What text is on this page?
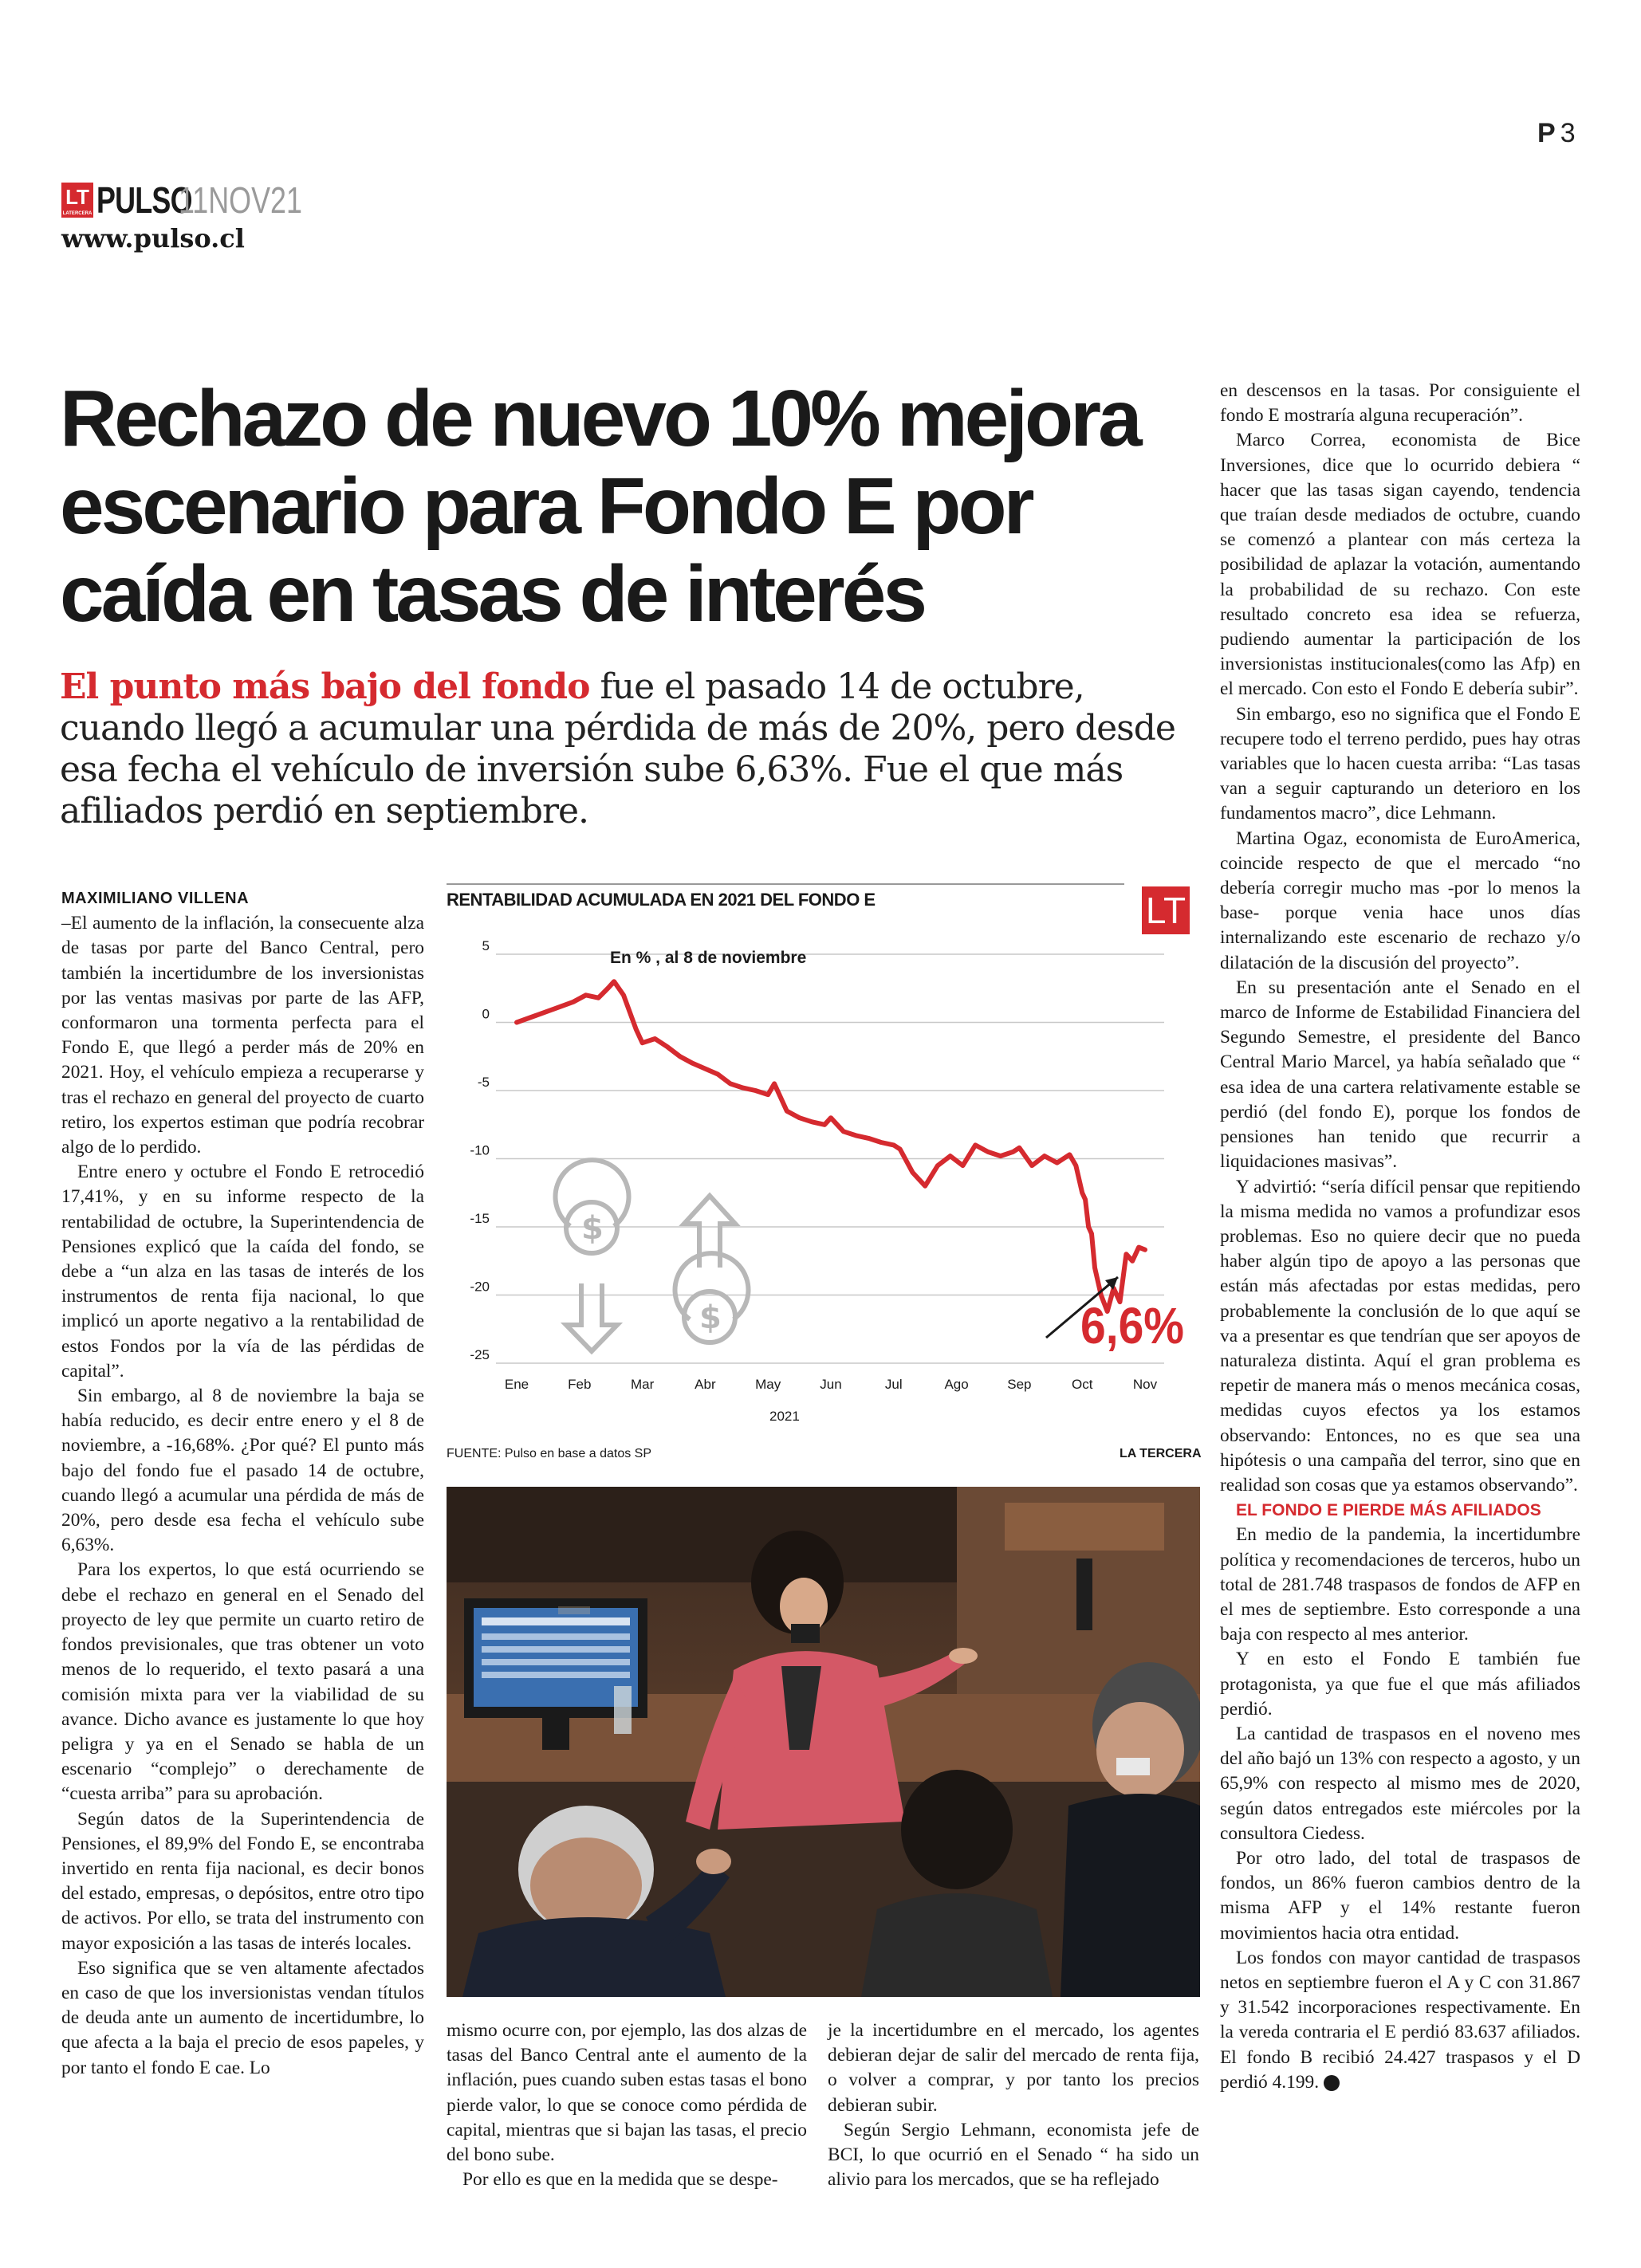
P 3
LT
LATERCERA PULSO
11NOV21
www.pulso.cl
Rechazo de nuevo 10% mejora
escenario para Fondo E por
caída en tasas de interés
El punto más bajo del fondo fue el pasado 14 de octubre, cuando llegó a acumular una pérdida de más de 20%, pero desde esa fecha el vehículo de inversión sube 6,63%. Fue el que más afiliados perdió en septiembre.

MAXIMILIANO VILLENA

–El aumento de la inflación, la consecuente alza de tasas por parte del Banco Central, pero también la incertidumbre de los inversionistas por las ventas masivas por parte de las AFP, conformaron una tormenta perfecta para el Fondo E, que llegó a perder más de 20% en 2021. Hoy, el vehículo empieza a recuperarse y tras el rechazo en general del proyecto de cuarto retiro, los expertos estiman que podría recobrar algo de lo perdido.

Entre enero y octubre el Fondo E retrocedió 17,41%, y en su informe respecto de la rentabilidad de octubre, la Superintendencia de Pensiones explicó que la caída del fondo, se debe a “un alza en las tasas de interés de los instrumentos de renta fija nacional, lo que implicó un aporte negativo a la rentabilidad de estos Fondos por la vía de las pérdidas de capital”.

Sin embargo, al 8 de noviembre la baja se había reducido, es decir entre enero y el 8 de noviembre, a -16,68%. ¿Por qué? El punto más bajo del fondo fue el pasado 14 de octubre, cuando llegó a acumular una pérdida de más de 20%, pero desde esa fecha el vehículo sube 6,63%.

Para los expertos, lo que está ocurriendo se debe el rechazo en general en el Senado del proyecto de ley que permite un cuarto retiro de fondos previsionales, que tras obtener un voto menos de lo requerido, el texto pasará a una comisión mixta para ver la viabilidad de su avance. Dicho avance es justamente lo que hoy peligra y ya en el Senado se habla de un escenario “complejo” o derechamente de “cuesta arriba” para su aprobación.

Según datos de la Superintendencia de Pensiones, el 89,9% del Fondo E, se encontraba invertido en renta fija nacional, es decir bonos del estado, empresas, o depósitos, entre otro tipo de activos. Por ello, se trata del instrumento con mayor exposición a las tasas de interés locales.

Eso significa que se ven altamente afectados en caso de que los inversionistas vendan títulos de deuda ante un aumento de incertidumbre, lo que afecta a la baja el precio de esos papeles, y por tanto el fondo E cae. Lo

RENTABILIDAD ACUMULADA EN 2021 DEL FONDO E	LT
5
0
-5
-10
-15
-20
-25
Ene	Feb	Mar	Abr	May	Jun	Jul	Ago	Sep	Oct	Nov
En % , al 8 de noviembre
2021
$
$	6,6%
FUENTE: Pulso en base a datos SP	LA TERCERA

mismo ocurre con, por ejemplo, las dos alzas de tasas del Banco Central ante el aumento de la inflación, pues cuando suben estas tasas el bono pierde valor, lo que se conoce como pérdida de capital, mientras que si bajan las tasas, el precio del bono sube.

Por ello es que en la medida que se despe-

je la incertidumbre en el mercado, los agentes debieran dejar de salir del mercado de renta fija, o volver a comprar, y por tanto los precios debieran subir.

Según Sergio Lehmann, economista jefe de BCI, lo que ocurrió en el Senado “ ha sido un alivio para los mercados, que se ha reflejado

en descensos en la tasas. Por consiguiente el fondo E mostraría alguna recuperación”.

Marco Correa, economista de Bice Inversiones, dice que lo ocurrido debiera “ hacer que las tasas sigan cayendo, tendencia que traían desde mediados de octubre, cuando se comenzó a plantear con más certeza la posibilidad de aplazar la votación, aumentando la probabilidad de su rechazo. Con este resultado concreto esa idea se refuerza, pudiendo aumentar la participación de los inversionistas institucionales(como las Afp) en el mercado. Con esto el Fondo E debería subir”.

Sin embargo, eso no significa que el Fondo E recupere todo el terreno perdido, pues hay otras variables que lo hacen cuesta arriba: “Las tasas van a seguir capturando un deterioro en los fundamentos macro”, dice Lehmann.

Martina Ogaz, economista de EuroAmerica, coincide respecto de que el mercado “no debería corregir mucho mas -por lo menos la base- porque venia hace unos días internalizando este escenario de rechazo y/o dilatación de la discusión del proyecto”.

En su presentación ante el Senado en el marco de Informe de Estabilidad Financiera del Segundo Semestre, el presidente del Banco Central Mario Marcel, ya había señalado que “ esa idea de una cartera relativamente estable se perdió (del fondo E), porque los fondos de pensiones han tenido que recurrir a liquidaciones masivas”.

Y advirtió: “sería difícil pensar que repitiendo la misma medida no vamos a profundizar esos problemas. Eso no quiere decir que no pueda haber algún tipo de apoyo a las personas que están más afectadas por estas medidas, pero probablemente la conclusión de lo que aquí se va a presentar es que tendrían que ser apoyos de naturaleza distinta. Aquí el gran problema es repetir de manera más o menos mecánica cosas, medidas cuyos efectos ya los estamos observando: Entonces, no es que sea una hipótesis o una campaña del terror, sino que en realidad son cosas que ya estamos observando”.

EL FONDO E PIERDE MÁS AFILIADOS

En medio de la pandemia, la incertidumbre política y recomendaciones de terceros, hubo un total de 281.748 traspasos de fondos de AFP en el mes de septiembre. Esto corresponde a una baja con respecto al mes anterior.

Y en esto el Fondo E también fue protagonista, ya que fue el que más afiliados perdió.

La cantidad de traspasos en el noveno mes del año bajó un 13% con respecto a agosto, y un 65,9% con respecto al mismo mes de 2020, según datos entregados este miércoles por la consultora Ciedess.

Por otro lado, del total de traspasos de fondos, un 86% fueron cambios dentro de la misma AFP y el 14% restante fueron movimientos hacia otra entidad.

Los fondos con mayor cantidad de traspasos netos en septiembre fueron el A y C con 31.867 y 31.542 incorporaciones respectivamente. En la vereda contraria el E perdió 83.637 afiliados. El fondo B recibió 24.427 traspasos y el D perdió 4.199. P
